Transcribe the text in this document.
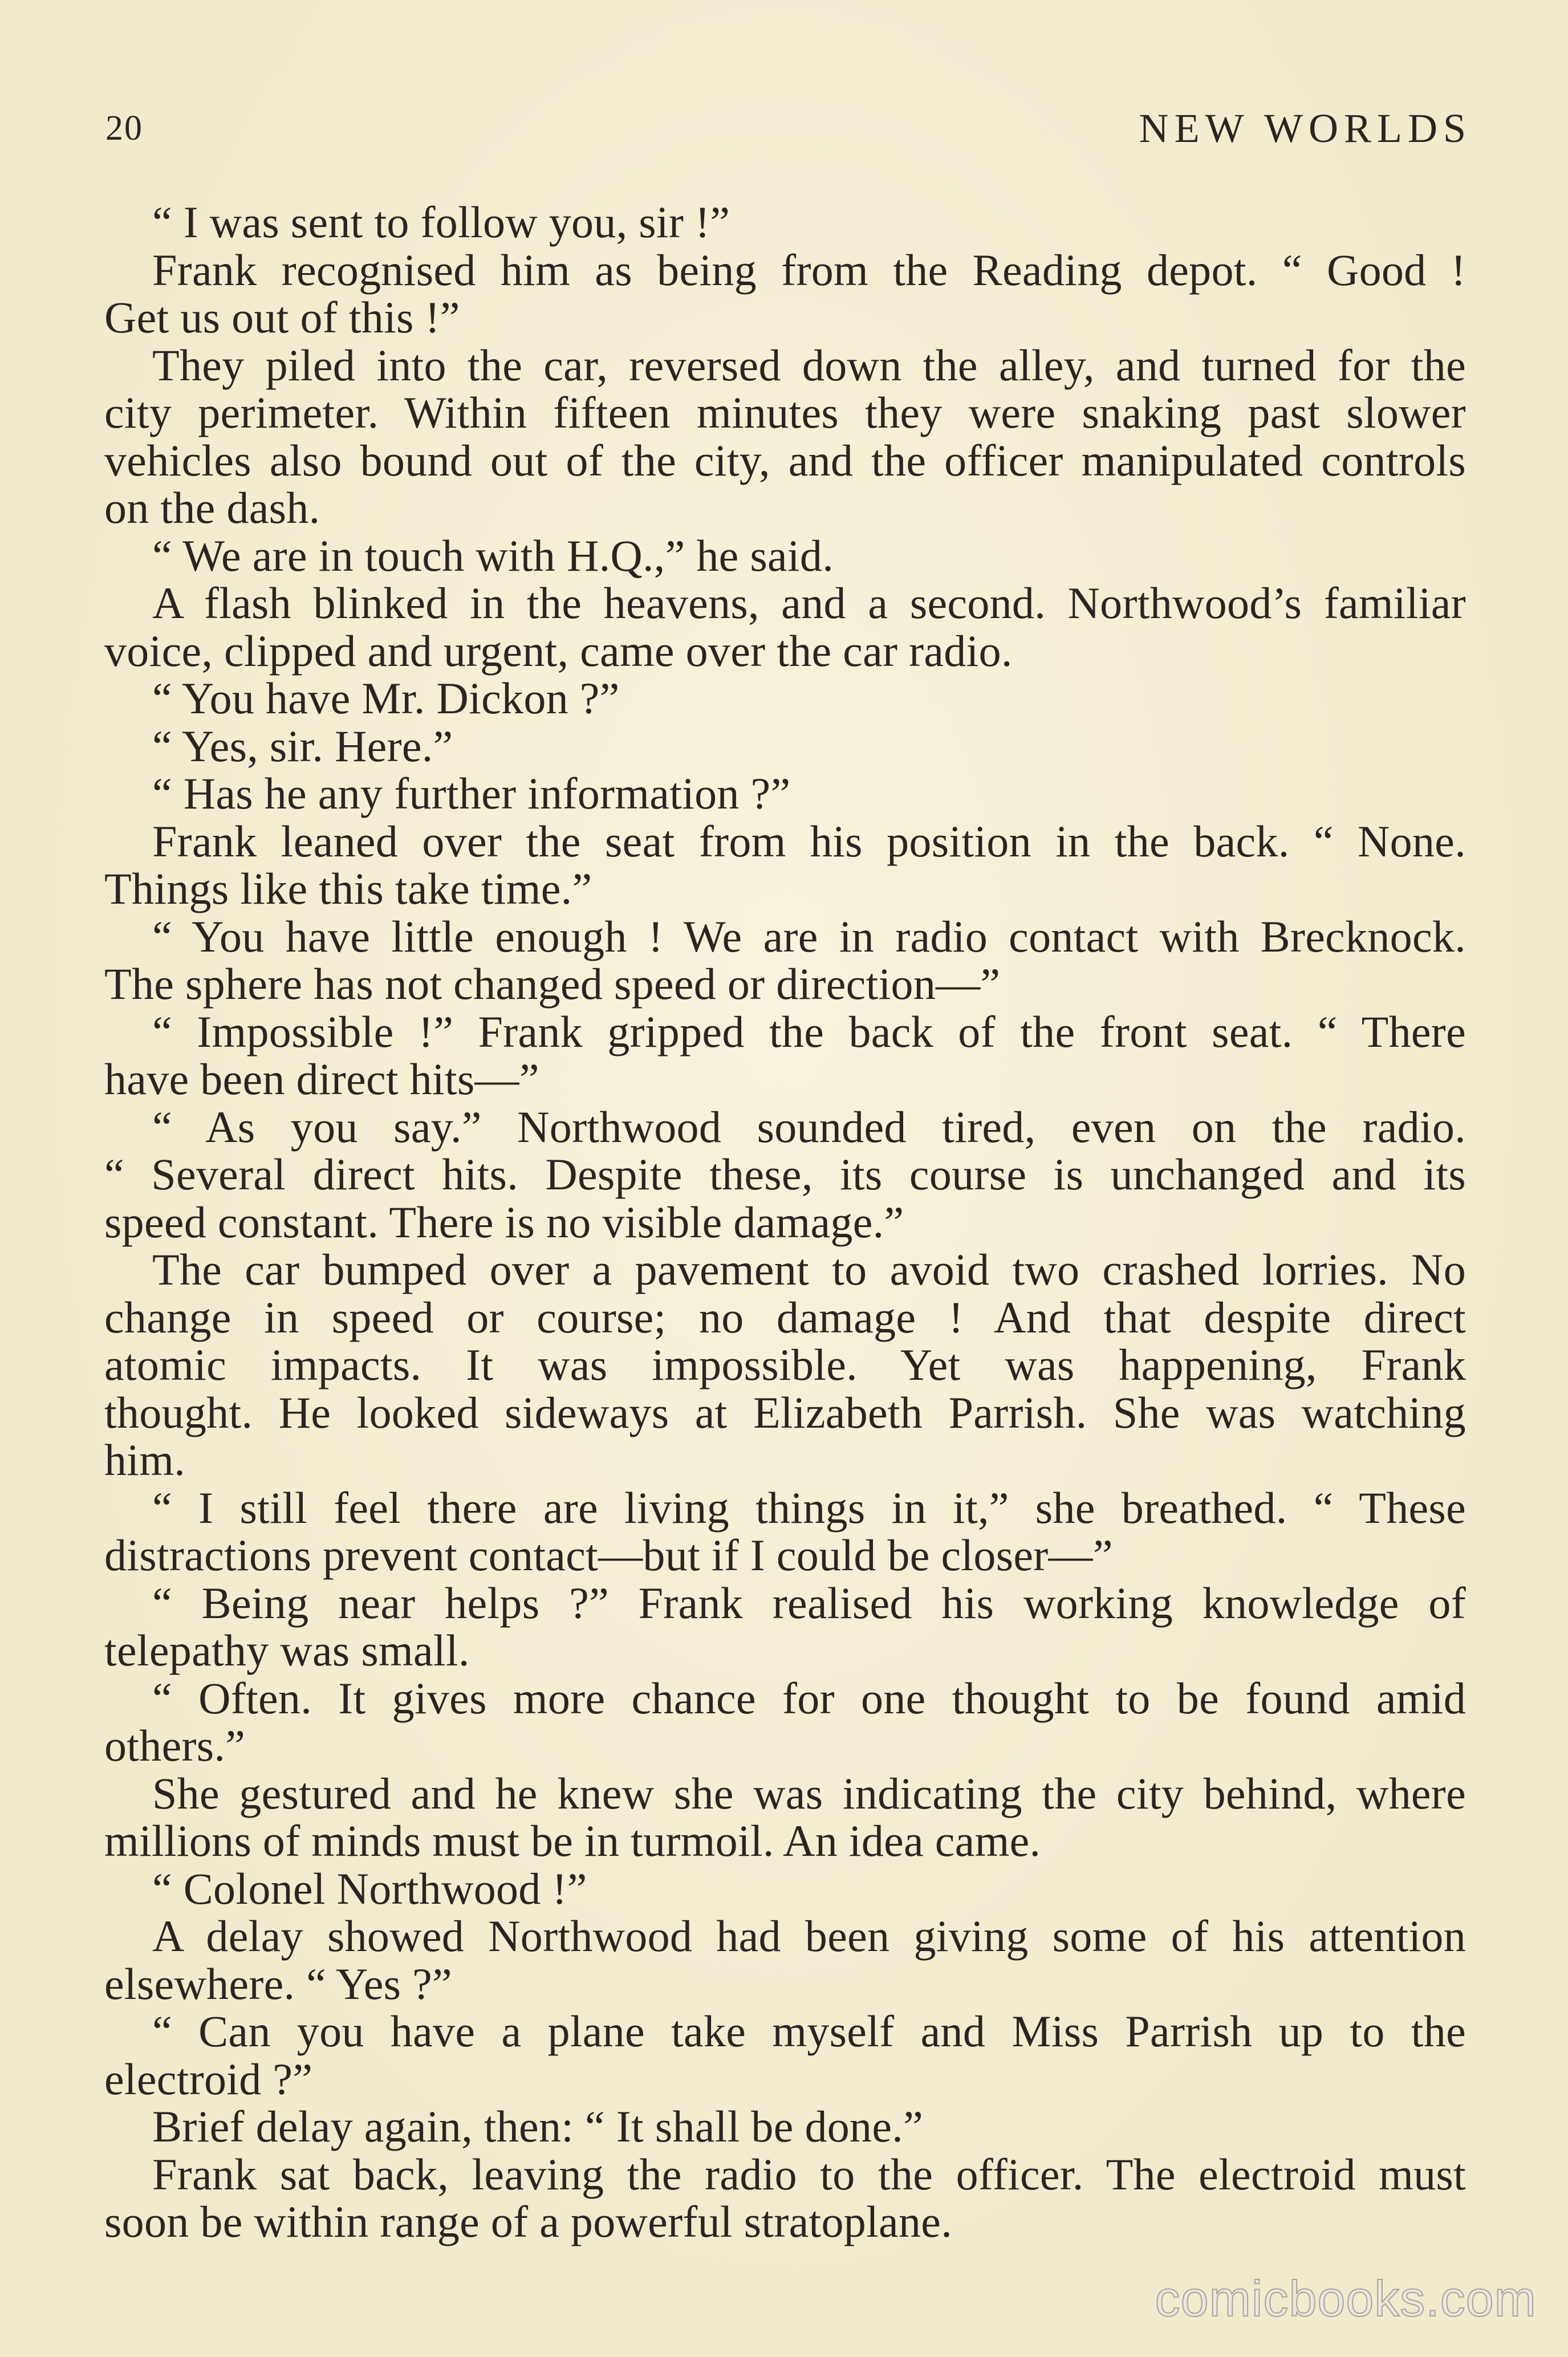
20	NEW WORLDS
“ I was sent to follow you, sir !”
Frank recognised him as being from the Reading depot. “ Good !
Get us out of this !”
They piled into the car, reversed down the alley, and turned for the
city perimeter. Within fifteen minutes they were snaking past slower
vehicles also bound out of the city, and the officer manipulated controls
on the dash.
“ We are in touch with H.Q.,” he said.
A flash blinked in the heavens, and a second. Northwood’s familiar
voice, clipped and urgent, came over the car radio.
“ You have Mr. Dickon ?”
“ Yes, sir. Here.”
“ Has he any further information ?”
Frank leaned over the seat from his position in the back. “ None.
Things like this take time.”
“ You have little enough ! We are in radio contact with Brecknock.
The sphere has not changed speed or direction—”
“ Impossible !” Frank gripped the back of the front seat. “ There
have been direct hits—”
“ As you say.” Northwood sounded tired, even on the radio.
“ Several direct hits. Despite these, its course is unchanged and its
speed constant. There is no visible damage.”
The car bumped over a pavement to avoid two crashed lorries. No
change in speed or course; no damage ! And that despite direct
atomic impacts. It was impossible. Yet was happening, Frank
thought. He looked sideways at Elizabeth Parrish. She was watching
him.
“ I still feel there are living things in it,” she breathed. “ These
distractions prevent contact—but if I could be closer—”
“ Being near helps ?” Frank realised his working knowledge of
telepathy was small.
“ Often. It gives more chance for one thought to be found amid
others.”
She gestured and he knew she was indicating the city behind, where
millions of minds must be in turmoil. An idea came.
“ Colonel Northwood !”
A delay showed Northwood had been giving some of his attention
elsewhere. “ Yes ?”
“ Can you have a plane take myself and Miss Parrish up to the
electroid ?”
Brief delay again, then: “ It shall be done.”
Frank sat back, leaving the radio to the officer. The electroid must
soon be within range of a powerful stratoplane.
comicbooks.com
